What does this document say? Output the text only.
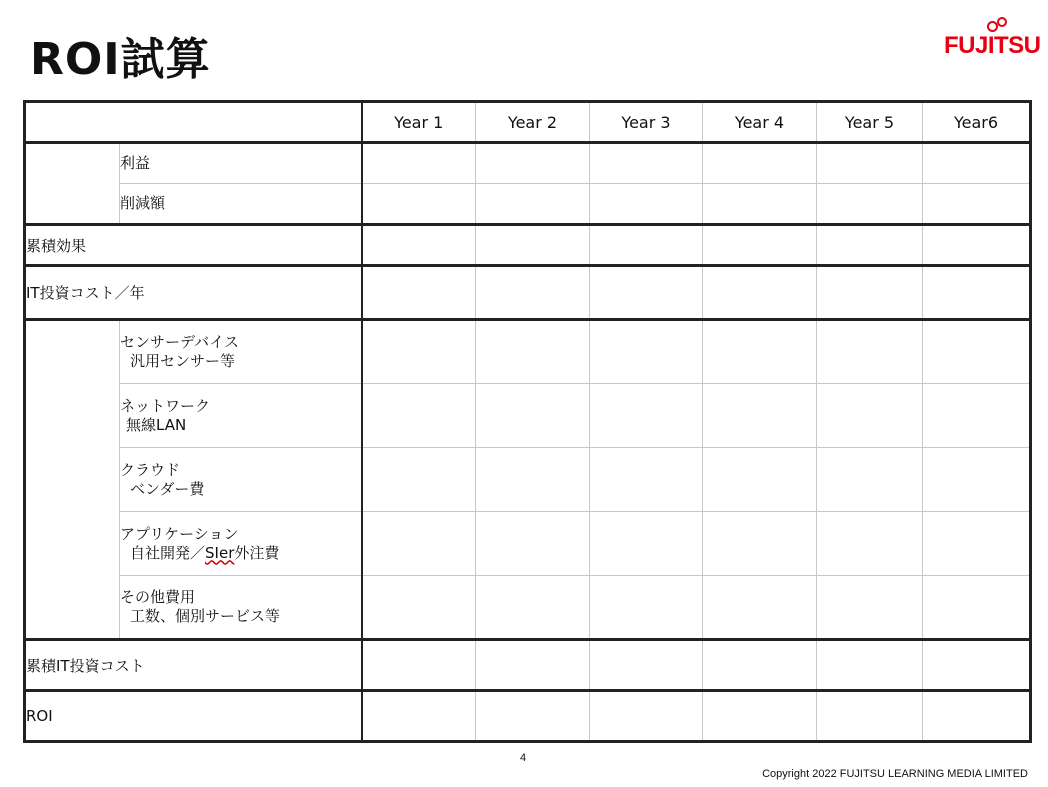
ROI試算	FUJITSU
		Year 1	Year 2	Year 3	Year 4	Year 5	Year6
	利益						
	削減額						
累積効果							
IT投資コスト／年							

	センサーデバイス
汎用センサー等						

	ネットワーク
無線LAN						

	クラウド
ベンダー費						

	アプリケーション
自社開発／SIer外注費						

	その他費用
工数、個別サービス等						
累積IT投資コスト							
ROI							
4
Copyright 2022 FUJITSU LEARNING MEDIA LIMITED
